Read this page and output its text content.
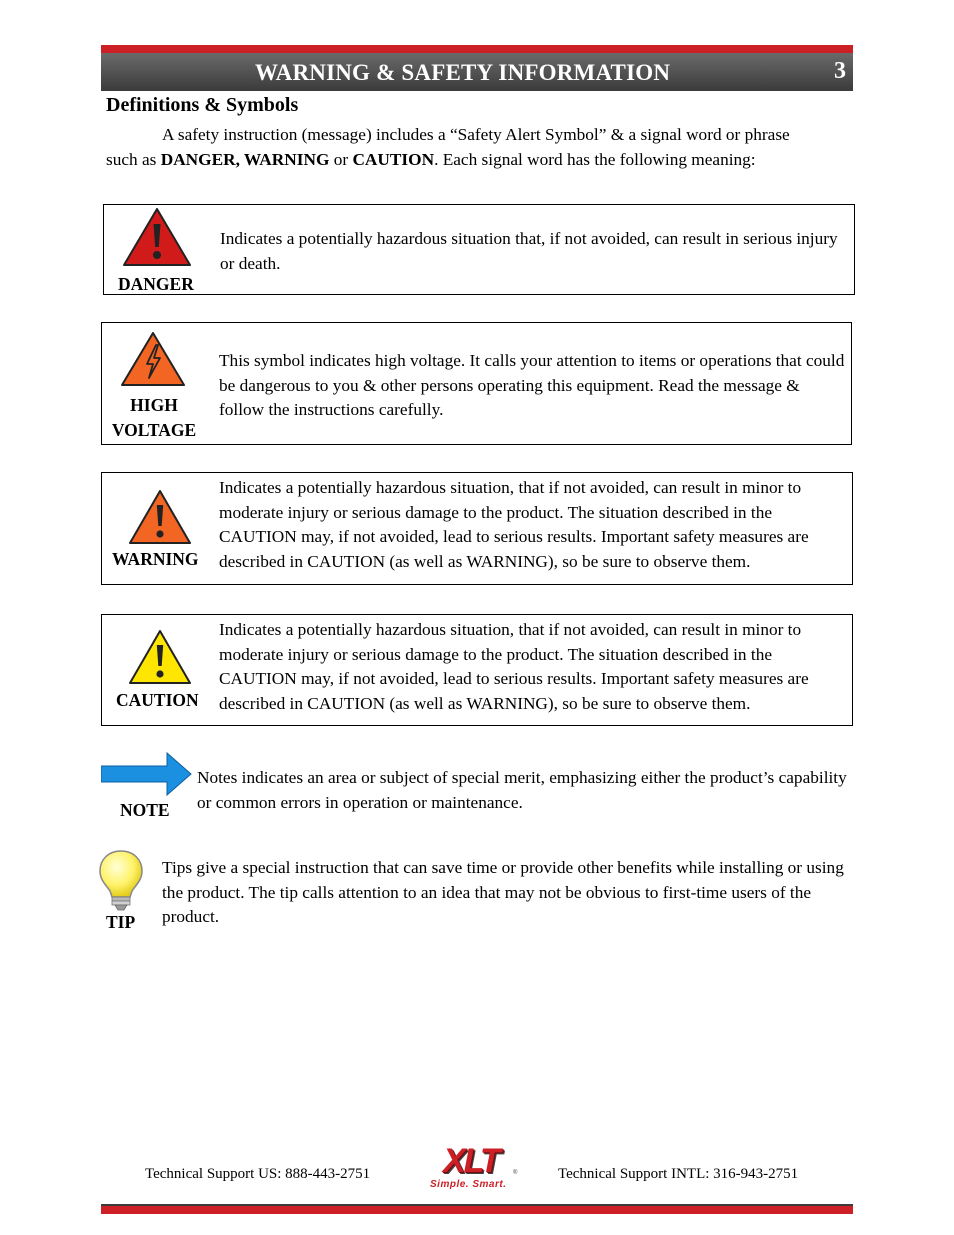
WARNING & SAFETY INFORMATION	3
Definitions & Symbols
A safety instruction (message) includes a “Safety Alert Symbol” & a signal word or phrase
such as DANGER, WARNING or CAUTION. Each signal word has the following meaning:
DANGER
Indicates a potentially hazardous situation that, if not avoided, can result in serious injury or death.
HIGH
VOLTAGE
This symbol indicates high voltage. It calls your attention to items or operations that could be dangerous to you & other persons operating this equipment. Read the message & follow the instructions carefully.
WARNING
Indicates a potentially hazardous situation, that if not avoided, can result in minor to moderate injury or serious damage to the product. The situation described in the CAUTION may, if not avoided, lead to serious results. Important safety measures are described in CAUTION (as well as WARNING), so be sure to observe them.
CAUTION
Indicates a potentially hazardous situation, that if not avoided, can result in minor to moderate injury or serious damage to the product. The situation described in the CAUTION may, if not avoided, lead to serious results. Important safety measures are described in CAUTION (as well as WARNING), so be sure to observe them.
NOTE
Notes indicates an area or subject of special merit, emphasizing either the product’s capability or common errors in operation or maintenance.
TIP
Tips give a special instruction that can save time or provide other benefits while installing or using the product. The tip calls attention to an idea that may not be obvious to first-time users of the product.
Technical Support US: 888-443-2751 XLT ®
Simple. Smart.
Technical Support INTL: 316-943-2751
